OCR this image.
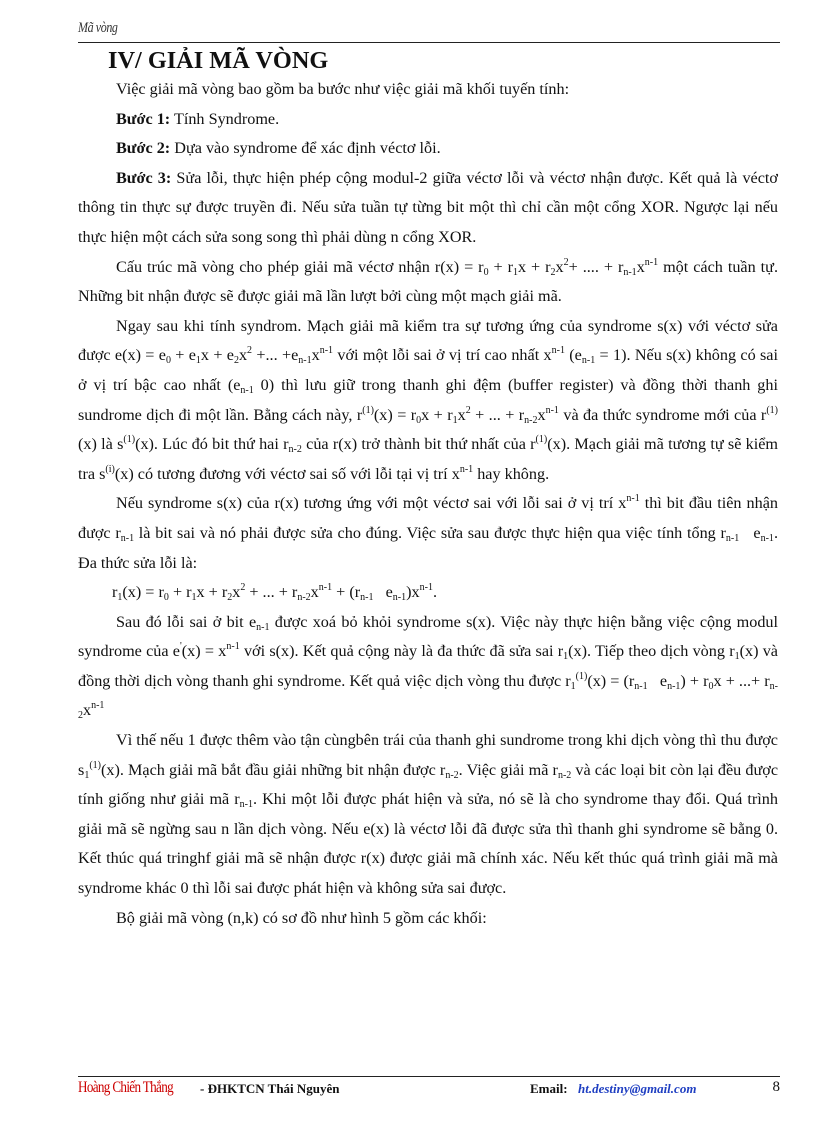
Mã vòng
IV/ GIẢI MÃ VÒNG

Việc giải mã vòng bao gồm ba bước như việc giải mã khối tuyến tính:

Bước 1: Tính Syndrome.

Bước 2: Dựa vào syndrome để xác định véctơ lỗi.

Bước 3: Sửa lỗi, thực hiện phép cộng modul-2 giữa véctơ lỗi và véctơ nhận được. Kết quả là véctơ thông tin thực sự được truyền đi. Nếu sửa tuần tự từng bit một thì chỉ cần một cổng XOR. Ngược lại nếu thực hiện một cách sửa song song thì phải dùng n cổng XOR.

Cấu trúc mã vòng cho phép giải mã véctơ nhận $r(x) = r_0 + r_1x + r_2x^2+$ .... + $r_{n-1}x^{n-1}$ một cách tuần tự. Những bit nhận được sẽ được giải mã lần lượt bởi cùng một mạch giải mã.

Ngay sau khi tính syndrom. Mạch giải mã kiểm tra sự tương ứng của syndrome s(x) với véctơ sửa được $e(x) = e_0 + e_1x + e_2x^2$ +... $+e_{n-1}x^{n-1}$ với một lỗi sai ở vị trí cao nhất $x^{n-1}$ $(e_{n-1} = 1)$. Nếu s(x) không có sai ở vị trí bậc cao nhất ($e_{n-1}$ 0) thì lưu giữ trong thanh ghi đệm (buffer register) và đồng thời thanh ghi sundrome dịch đi một lần. Bằng cách này, $r^{(1)}(x) = r_0x + r_1x^2$ + ... + $r_{n-2}x^{n-1}$ và đa thức syndrome mới của $r^{(1)}(x)$ là $s^{(1)}(x)$. Lúc đó bit thứ hai $r_{n-2}$ của r(x) trở thành bit thứ nhất của $r^{(1)}(x)$. Mạch giải mã tương tự sẽ kiểm tra $s^{(i)}(x)$ có tương đương với véctơ sai số với lỗi tại vị trí $x^{n-1}$ hay không.

Nếu syndrome s(x) của r(x) tương ứng với một véctơ sai với lỗi sai ở vị trí $x^{n-1}$ thì bit đầu tiên nhận được $r_{n-1}$ là bit sai và nó phải được sửa cho đúng. Việc sửa sau được thực hiện qua việc tính tổng $r_{n-1}$   $e_{n-1}$. Đa thức sửa lỗi là:

$r_1(x) = r_0 + r_1x + r_2x^2$ + ... + $r_{n-2}x^{n-1} + (r_{n-1}$   $e_{n-1})x^{n-1}$.

Sau đó lỗi sai ở bit $e_{n-1}$ được xoá bỏ khỏi syndrome s(x). Việc này thực hiện bằng việc cộng modul syndrome của $e'(x) = x^{n-1}$ với s(x). Kết quả cộng này là đa thức đã sửa sai $r_1(x)$. Tiếp theo dịch vòng $r_1(x)$ và đồng thời dịch vòng thanh ghi syndrome. Kết quả việc dịch vòng thu được $r_1^{(1)}(x) = (r_{n-1}$   $e_{n-1}) + r_0x$ + ...+ $r_{n-2}x^{n-1}$

Vì thế nếu 1 được thêm vào tận cùngbên trái của thanh ghi sundrome trong khi dịch vòng thì thu được $s_1^{(1)}(x)$. Mạch giải mã bắt đầu giải những bit nhận được $r_{n-2}$. Việc giải mã $r_{n-2}$ và các loại bit còn lại đều được tính giống như giải mã $r_{n-1}$. Khi một lỗi được phát hiện và sửa, nó sẽ là cho syndrome thay đổi. Quá trình giải mã sẽ ngừng sau n lần dịch vòng. Nếu e(x) là véctơ lỗi đã được sửa thì thanh ghi syndrome sẽ bằng 0. Kết thúc quá tringhf giải mã sẽ nhận được r(x) được giải mã chính xác. Nếu kết thúc quá trình giải mã mà syndrome khác 0 thì lỗi sai được phát hiện và không sửa sai được.

Bộ giải mã vòng (n,k) có sơ đồ như hình 5 gồm các khối:

Hoàng Chiến Thắng - ĐHKTCN Thái Nguyên	Email: ht.destiny@gmail.com	8
